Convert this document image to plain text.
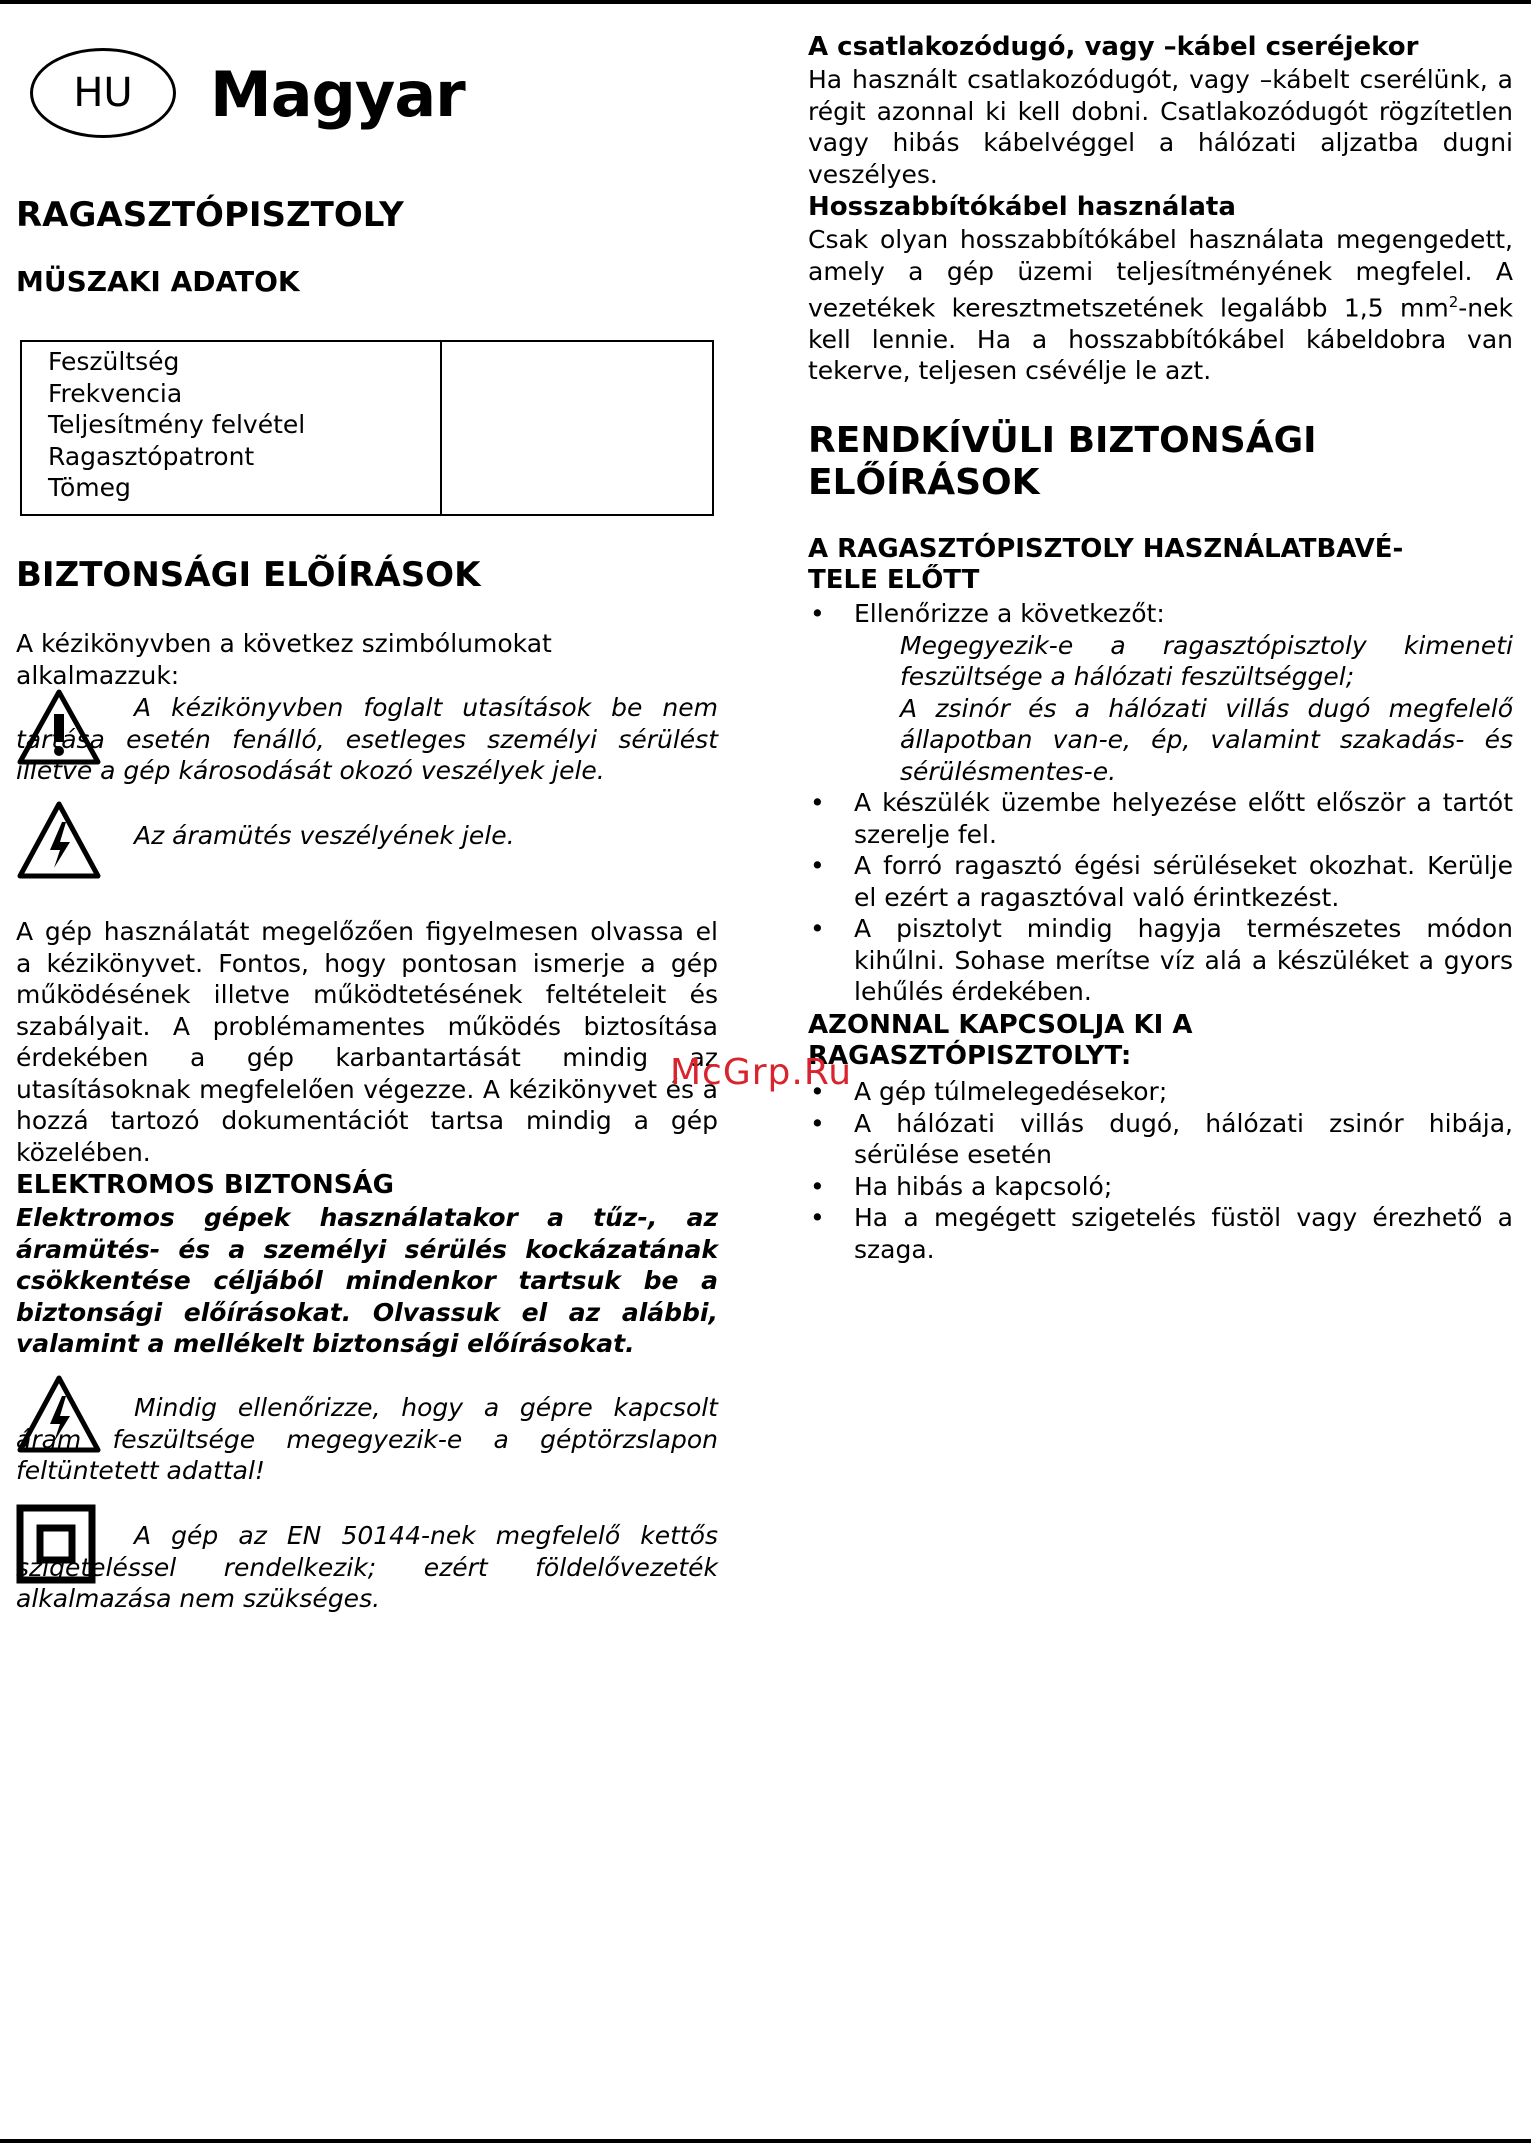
HU Magyar
RAGASZTÓPISZTOLY
MÜSZAKI ADATOK
Feszültség
Frekvencia
Teljesítmény felvétel
Ragasztópatront
Tömeg

BIZTONSÁGI ELÕÍRÁSOK

A kézikönyvben a következ szimbólumokat alkalmazzuk:

A kézikönyvben foglalt utasítások be nem tartása esetén fenálló, esetleges személyi sérülést illetve a gép károsodását okozó veszélyek jele.
Az áramütés veszélyének jele.

A gép használatát megelőzően figyelmesen olvassa el a kézikönyvet. Fontos, hogy pontosan ismerje a gép működésének illetve működtetésének feltételeit és szabályait. A problémamentes működés biztosítása érdekében a gép karbantartását mindig az utasításoknak megfelelően végezze. A kézikönyvet és a hozzá tartozó dokumentációt tartsa mindig a gép közelében.

ELEKTROMOS BIZTONSÁG

Elektromos gépek használatakor a tűz-, az áramütés- és a személyi sérülés kockázatának csökkentése céljából mindenkor tartsuk be a biztonsági előírásokat. Olvassuk el az alábbi, valamint a mellékelt biztonsági előírásokat.

Mindig ellenőrizze, hogy a gépre kapcsolt áram feszültsége megegyezik-e a géptörzslapon feltüntetett adattal!
A gép az EN 50144-nek megfelelő kettős szigeteléssel rendelkezik; ezért földelővezeték alkalmazása nem szükséges.
A csatlakozódugó, vagy –kábel cseréjekor

Ha használt csatlakozódugót, vagy –kábelt cserélünk, a régit azonnal ki kell dobni. Csatlakozódugót rögzítetlen vagy hibás kábelvéggel a hálózati aljzatba dugni veszélyes.

Hosszabbítókábel használata

Csak olyan hosszabbítókábel használata megengedett, amely a gép üzemi teljesítményének megfelel. A vezetékek keresztmetszetének legalább 1,5 $mm^2$-nek kell lennie. Ha a hosszabbítókábel kábeldobra van tekerve, teljesen csévélje le azt.

RENDKÍVÜLI BIZTONSÁGI
ELŐÍRÁSOK
A RAGASZTÓPISZTOLY HASZNÁLATBAVÉ-
TELE ELŐTT
• Ellenőrizze a következőt:
Megegyezik-e a ragasztópisztoly kimeneti feszültsége a hálózati feszültséggel;
A zsinór és a hálózati villás dugó megfelelő állapotban van-e, ép, valamint szakadás- és sérülésmentes-e.
• A készülék üzembe helyezése előtt először a tartót szerelje fel.
• A forró ragasztó égési sérüléseket okozhat. Kerülje el ezért a ragasztóval való érintkezést.
• A pisztolyt mindig hagyja természetes módon kihűlni. Sohase merítse víz alá a készüléket a gyors lehűlés érdekében.
AZONNAL KAPCSOLJA KI A
RAGASZTÓPISZTOLYT:
• A gép túlmelegedésekor;
• A hálózati villás dugó, hálózati zsinór hibája, sérülése esetén
• Ha hibás a kapcsoló;
• Ha a megégett szigetelés füstöl vagy érezhető a szaga.
McGrp.Ru
